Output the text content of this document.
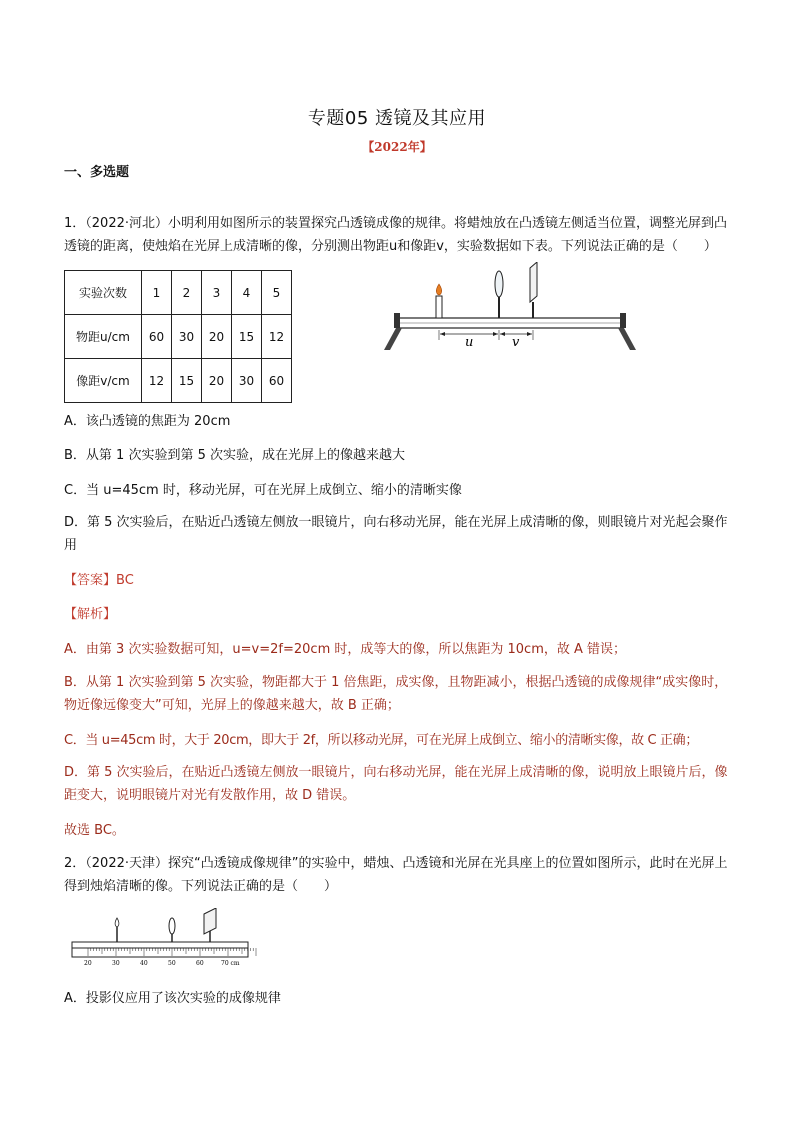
专题05 透镜及其应用
【2022年】
一、多选题
1．（2022·河北）小明利用如图所示的装置探究凸透镜成像的规律。将蜡烛放在凸透镜左侧适当位置，调整光屏到凸透镜的距离，使烛焰在光屏上成清晰的像，分别测出物距u和像距v，实验数据如下表。下列说法正确的是（　　）
实验次数	1	2	3	4	5
物距u/cm	60	30	20	15	12
像距v/cm	12	15	20	30	60
u	v
A．该凸透镜的焦距为 20cm
B．从第 1 次实验到第 5 次实验，成在光屏上的像越来越大
C．当 u=45cm 时，移动光屏，可在光屏上成倒立、缩小的清晰实像
D．第 5 次实验后，在贴近凸透镜左侧放一眼镜片，向右移动光屏，能在光屏上成清晰的像，则眼镜片对光起会聚作用
【答案】BC
【解析】
A．由第 3 次实验数据可知，u=v=2f=20cm 时，成等大的像，所以焦距为 10cm，故 A 错误；
B．从第 1 次实验到第 5 次实验，物距都大于 1 倍焦距，成实像，且物距减小，根据凸透镜的成像规律“成实像时，物近像远像变大”可知，光屏上的像越来越大，故 B 正确；
C．当 u=45cm 时，大于 20cm，即大于 2f，所以移动光屏，可在光屏上成倒立、缩小的清晰实像，故 C 正确；
D．第 5 次实验后，在贴近凸透镜左侧放一眼镜片，向右移动光屏，能在光屏上成清晰的像，说明放上眼镜片后，像距变大，说明眼镜片对光有发散作用，故 D 错误。
故选 BC。
2．（2022·天津）探究“凸透镜成像规律”的实验中，蜡烛、凸透镜和光屏在光具座上的位置如图所示，此时在光屏上得到烛焰清晰的像。下列说法正确的是（　　）
20	30	40	50	60	70 cm
A．投影仪应用了该次实验的成像规律
